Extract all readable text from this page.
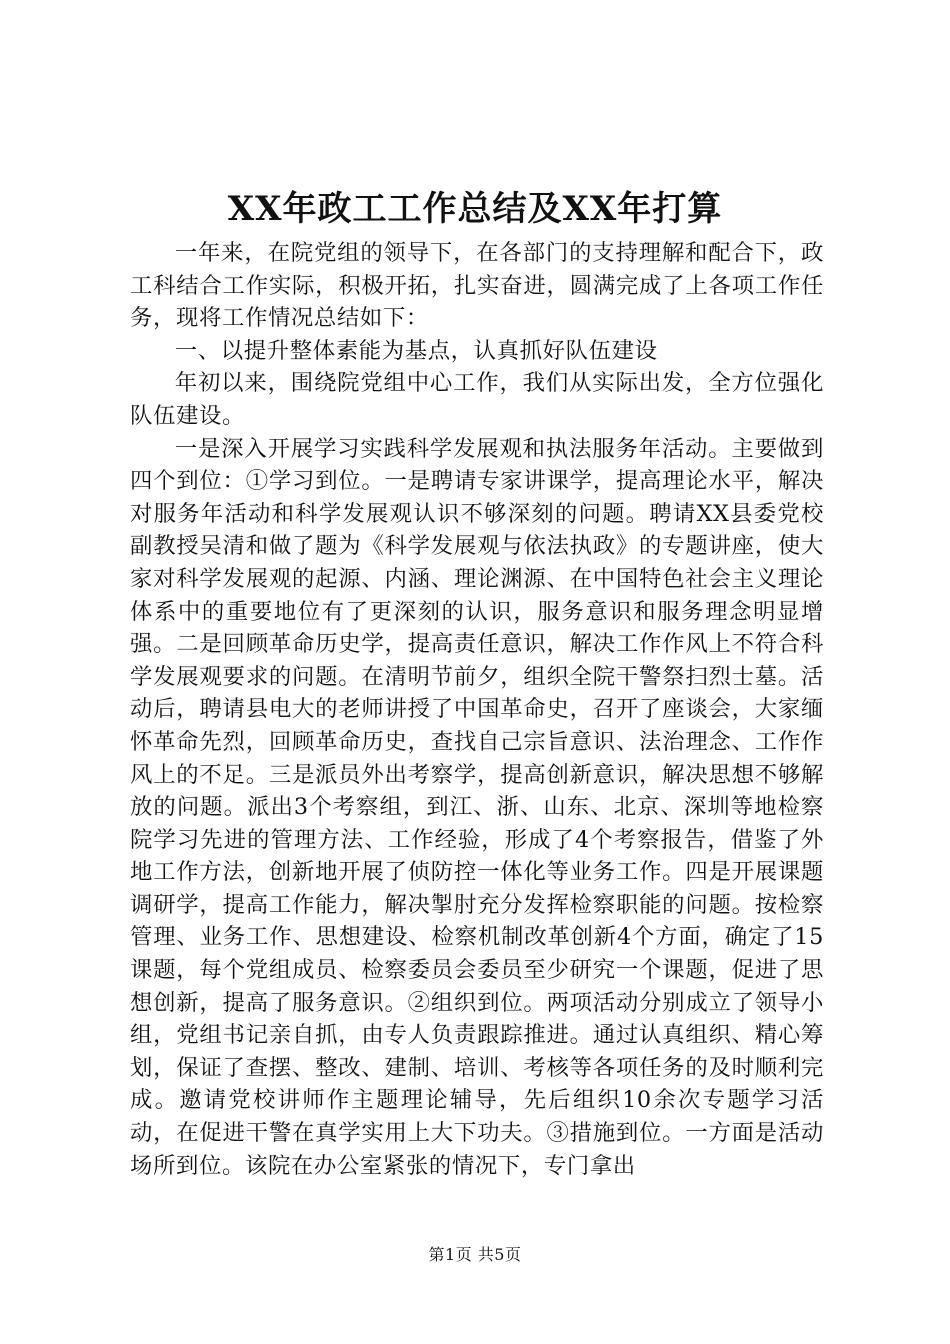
XX年政工工作总结及XX年打算

一年来，在院党组的领导下，在各部门的支持理解和配合下，政工科结合工作实际，积极开拓，扎实奋进，圆满完成了上各项工作任务，现将工作情况总结如下：

一、以提升整体素能为基点，认真抓好队伍建设

年初以来，围绕院党组中心工作，我们从实际出发，全方位强化队伍建设。

一是深入开展学习实践科学发展观和执法服务年活动。主要做到四个到位：①学习到位。一是聘请专家讲课学，提高理论水平，解决对服务年活动和科学发展观认识不够深刻的问题。聘请XX县委党校副教授吴清和做了题为《科学发展观与依法执政》的专题讲座，使大家对科学发展观的起源、内涵、理论渊源、在中国特色社会主义理论体系中的重要地位有了更深刻的认识，服务意识和服务理念明显增强。二是回顾革命历史学，提高责任意识，解决工作作风上不符合科学发展观要求的问题。在清明节前夕，组织全院干警祭扫烈士墓。活动后，聘请县电大的老师讲授了中国革命史，召开了座谈会，大家缅怀革命先烈，回顾革命历史，查找自己宗旨意识、法治理念、工作作风上的不足。三是派员外出考察学，提高创新意识，解决思想不够解放的问题。派出3个考察组，到江、浙、山东、北京、深圳等地检察院学习先进的管理方法、工作经验，形成了4个考察报告，借鉴了外地工作方法，创新地开展了侦防控一体化等业务工作。四是开展课题调研学，提高工作能力，解决掣肘充分发挥检察职能的问题。按检察管理、业务工作、思想建设、检察机制改革创新4个方面，确定了15课题，每个党组成员、检察委员会委员至少研究一个课题，促进了思想创新，提高了服务意识。②组织到位。两项活动分别成立了领导小组，党组书记亲自抓，由专人负责跟踪推进。通过认真组织、精心筹划，保证了查摆、整改、建制、培训、考核等各项任务的及时顺利完成。邀请党校讲师作主题理论辅导，先后组织10余次专题学习活动，在促进干警在真学实用上大下功夫。③措施到位。一方面是活动场所到位。该院在办公室紧张的情况下，专门拿出

第1页 共5页
